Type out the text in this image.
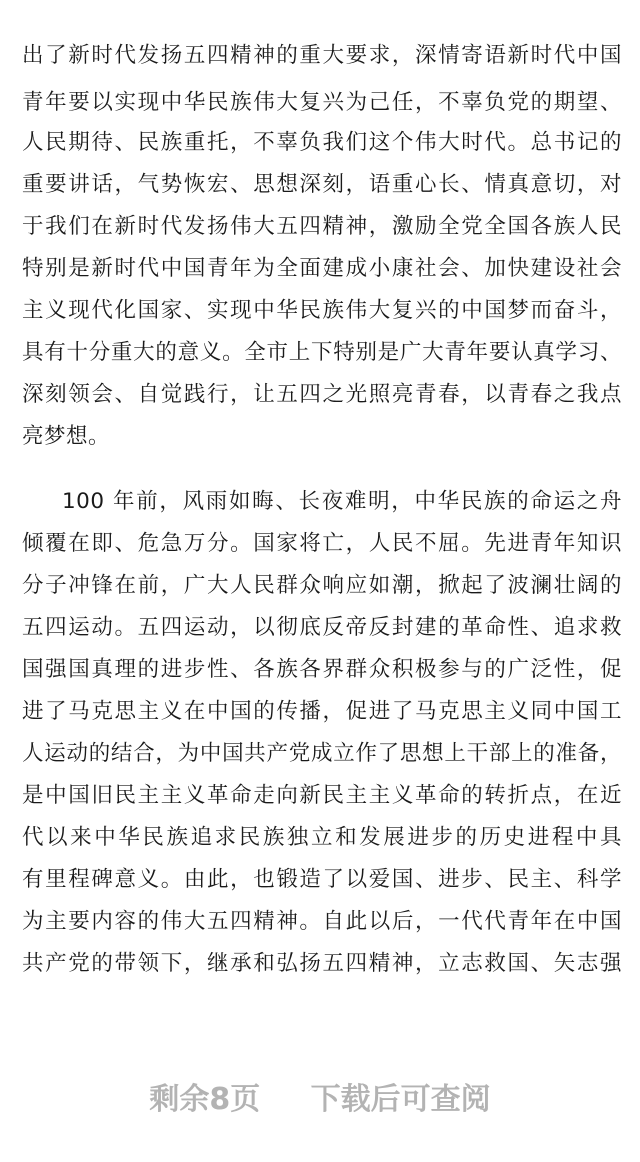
出了新时代发扬五四精神的重大要求，深情寄语新时代中国
青年要以实现中华民族伟大复兴为己任，不辜负党的期望、
人民期待、民族重托，不辜负我们这个伟大时代。总书记的
重要讲话，气势恢宏、思想深刻，语重心长、情真意切，对
于我们在新时代发扬伟大五四精神，激励全党全国各族人民
特别是新时代中国青年为全面建成小康社会、加快建设社会
主义现代化国家、实现中华民族伟大复兴的中国梦而奋斗，
具有十分重大的意义。全市上下特别是广大青年要认真学习、
深刻领会、自觉践行，让五四之光照亮青春，以青春之我点
亮梦想。
100 年前，风雨如晦、长夜难明，中华民族的命运之舟
倾覆在即、危急万分。国家将亡，人民不屈。先进青年知识
分子冲锋在前，广大人民群众响应如潮，掀起了波澜壮阔的
五四运动。五四运动，以彻底反帝反封建的革命性、追求救
国强国真理的进步性、各族各界群众积极参与的广泛性，促
进了马克思主义在中国的传播，促进了马克思主义同中国工
人运动的结合，为中国共产党成立作了思想上干部上的准备，
是中国旧民主主义革命走向新民主主义革命的转折点，在近
代以来中华民族追求民族独立和发展进步的历史进程中具
有里程碑意义。由此，也锻造了以爱国、进步、民主、科学
为主要内容的伟大五四精神。自此以后，一代代青年在中国
共产党的带领下，继承和弘扬五四精神，立志救国、矢志强
剩余8页 下载后可查阅
